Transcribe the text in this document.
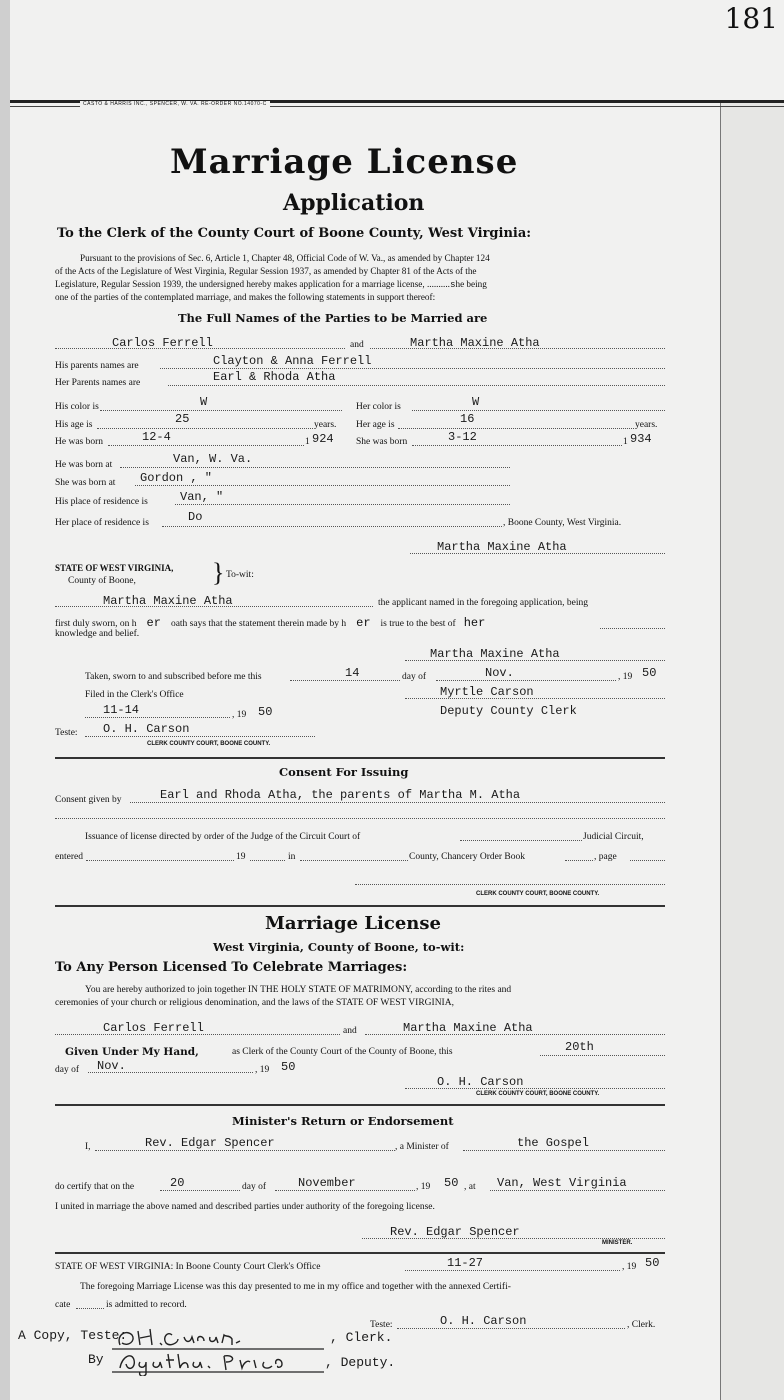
181
CASTO & HARRIS INC., SPENCER, W. VA. RE-ORDER NO.14070-C
Marriage License
Application
To the Clerk of the County Court of Boone County, West Virginia:
Pursuant to the provisions of Sec. 6, Article 1, Chapter 48, Official Code of W. Va., as amended by Chapter 124
of the Acts of the Legislature of West Virginia, Regular Session 1937, as amended by Chapter 81 of the Acts of the
Legislature, Regular Session 1939, the undersigned hereby makes application for a marriage license, ..........she being
one of the parties of the contemplated marriage, and makes the following statements in support thereof:
The Full Names of the Parties to be Married are
Carlos Ferrell	and	Martha Maxine Atha
His parents names are	Clayton & Anna Ferrell
Her Parents names are	Earl & Rhoda Atha
His color is	W	Her color is	W
His age is	25	years. Her age is	16	years.
He was born	12-4	1 924 She was born	3-12	1 934
He was born at	Van, W. Va.
She was born at Gordon , "
His place of residence is	Van, "
Her place of residence is	Do	, Boone County, West Virginia.
Martha Maxine Atha
STATE OF WEST VIRGINIA,
County of Boone,	} To-wit:
Martha Maxine Atha	the applicant named in the foregoing application, being
first duly sworn, on h er oath says that the statement therein made by h er is true to the best of her
knowledge and belief.
Martha Maxine Atha
Taken, sworn to and subscribed before me this	14	day of	Nov.	, 19 50
Filed in the Clerk's Office	Myrtle Carson
11-14	, 19 50	Deputy County Clerk
Teste: O. H. Carson
CLERK COUNTY COURT, BOONE COUNTY.
Consent For Issuing
Consent given by	Earl and Rhoda Atha, the parents of Martha M. Atha
Issuance of license directed by order of the Judge of the Circuit Court of	Judicial Circuit,
entered	19	in	County, Chancery Order Book	, page
CLERK COUNTY COURT, BOONE COUNTY.
Marriage License
West Virginia, County of Boone, to-wit:
To Any Person Licensed To Celebrate Marriages:
You are hereby authorized to join together IN THE HOLY STATE OF MATRIMONY, according to the rites and
ceremonies of your church or religious denomination, and the laws of the STATE OF WEST VIRGINIA,
Carlos Ferrell	and	Martha Maxine Atha
Given Under My Hand,	as Clerk of the County Court of the County of Boone, this	20th
day of Nov.	, 19 50
O. H. Carson
CLERK COUNTY COURT, BOONE COUNTY.
Minister's Return or Endorsement
I,	Rev. Edgar Spencer	, a Minister of	the Gospel
do certify that on the	20	day of	November	, 19 50 , at Van, West Virginia
I united in marriage the above named and described parties under authority of the foregoing license.
Rev. Edgar Spencer
MINISTER.
STATE OF WEST VIRGINIA: In Boone County Court Clerk's Office	11-27	, 19 50
The foregoing Marriage License was this day presented to me in my office and together with the annexed Certifi-
cate	is admitted to record.
Teste:	O. H. Carson	, Clerk.
A Copy, Teste:	, Clerk.
By	, Deputy.
